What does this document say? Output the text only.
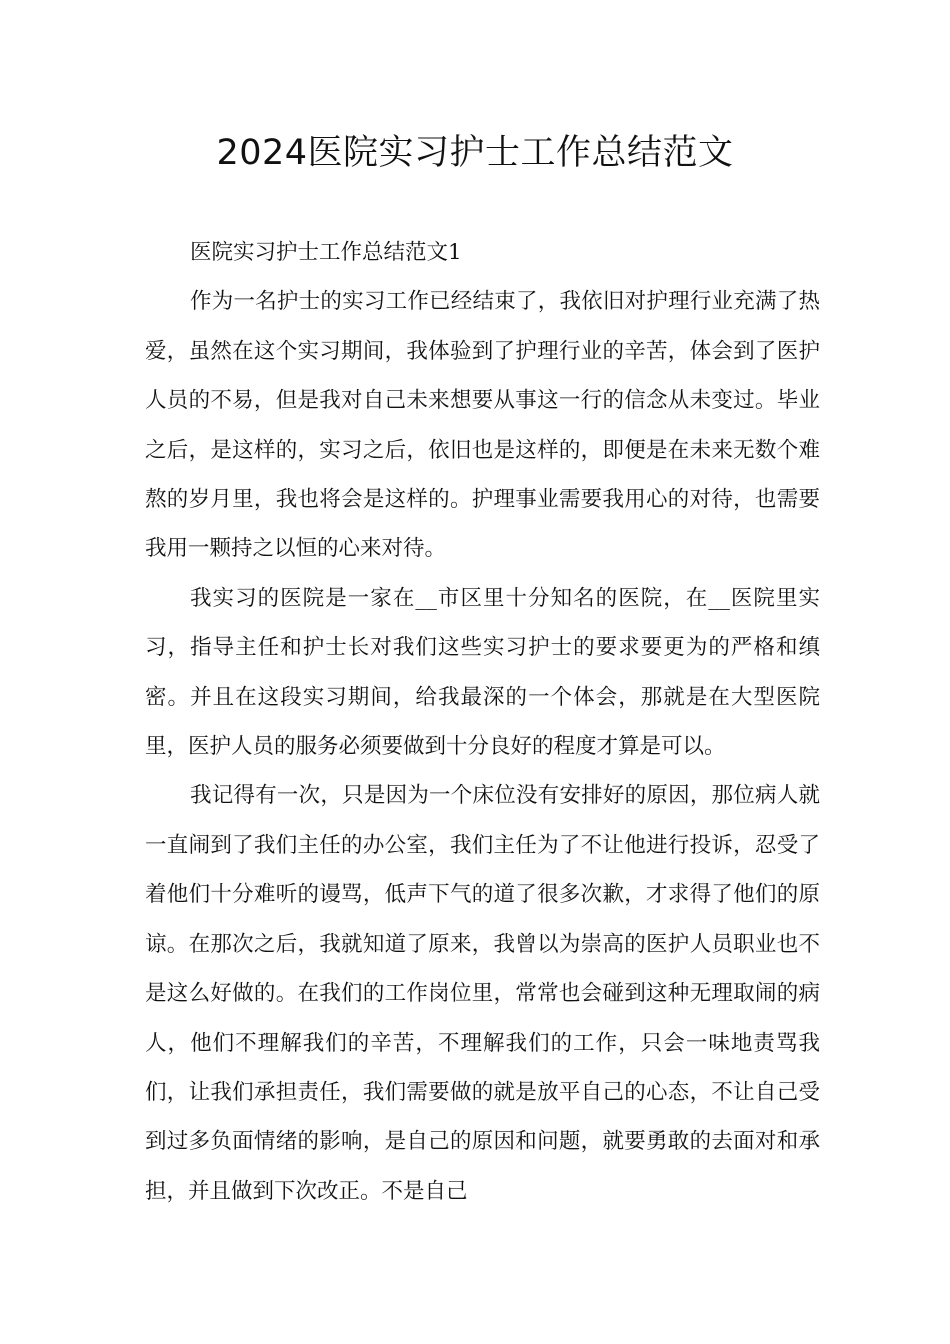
2024医院实习护士工作总结范文

医院实习护士工作总结范文1

作为一名护士的实习工作已经结束了，我依旧对护理行业充满了热爱，虽然在这个实习期间，我体验到了护理行业的辛苦，体会到了医护人员的不易，但是我对自己未来想要从事这一行的信念从未变过。毕业之后，是这样的，实习之后，依旧也是这样的，即便是在未来无数个难熬的岁月里，我也将会是这样的。护理事业需要我用心的对待，也需要我用一颗持之以恒的心来对待。

我实习的医院是一家在__市区里十分知名的医院，在__医院里实习，指导主任和护士长对我们这些实习护士的要求要更为的严格和缜密。并且在这段实习期间，给我最深的一个体会，那就是在大型医院里，医护人员的服务必须要做到十分良好的程度才算是可以。

我记得有一次，只是因为一个床位没有安排好的原因，那位病人就一直闹到了我们主任的办公室，我们主任为了不让他进行投诉，忍受了着他们十分难听的谩骂，低声下气的道了很多次歉，才求得了他们的原谅。在那次之后，我就知道了原来，我曾以为崇高的医护人员职业也不是这么好做的。在我们的工作岗位里，常常也会碰到这种无理取闹的病人，他们不理解我们的辛苦，不理解我们的工作，只会一味地责骂我们，让我们承担责任，我们需要做的就是放平自己的心态，不让自己受到过多负面情绪的影响，是自己的原因和问题，就要勇敢的去面对和承担，并且做到下次改正。不是自己
